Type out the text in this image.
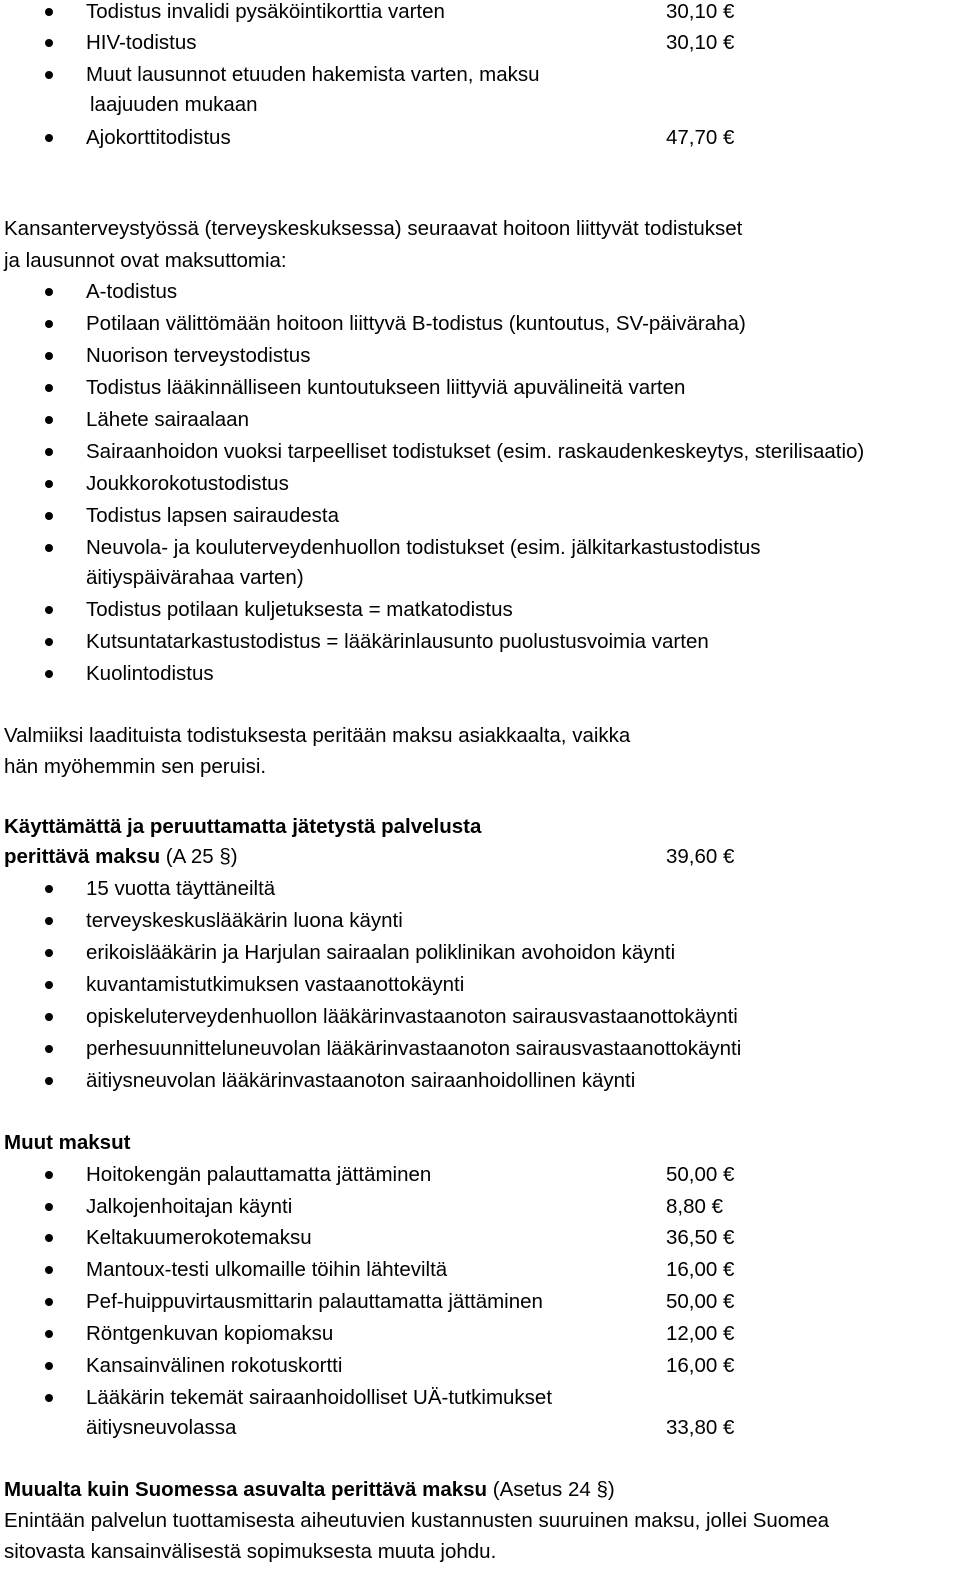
Todistus invalidi pysäköintikorttia varten	30,10 €
HIV-todistus	30,10 €
Muut lausunnot etuuden hakemista varten, maksu
laajuuden mukaan
Ajokorttitodistus	47,70 €
Kansanterveystyössä (terveyskeskuksessa) seuraavat hoitoon liittyvät todistukset
ja lausunnot ovat maksuttomia:
A-todistus
Potilaan välittömään hoitoon liittyvä B-todistus (kuntoutus, SV-päiväraha)
Nuorison terveystodistus
Todistus lääkinnälliseen kuntoutukseen liittyviä apuvälineitä varten
Lähete sairaalaan
Sairaanhoidon vuoksi tarpeelliset todistukset (esim. raskaudenkeskeytys, sterilisaatio)
Joukkorokotustodistus
Todistus lapsen sairaudesta
Neuvola- ja kouluterveydenhuollon todistukset (esim. jälkitarkastustodistus
äitiyspäivärahaa varten)
Todistus potilaan kuljetuksesta = matkatodistus
Kutsuntatarkastustodistus = lääkärinlausunto puolustusvoimia varten
Kuolintodistus
Valmiiksi laadituista todistuksesta peritään maksu asiakkaalta, vaikka
hän myöhemmin sen peruisi.
Käyttämättä ja peruuttamatta jätetystä palvelusta
perittävä maksu (A 25 §)	39,60 €
15 vuotta täyttäneiltä
terveyskeskuslääkärin luona käynti
erikoislääkärin ja Harjulan sairaalan poliklinikan avohoidon käynti
kuvantamistutkimuksen vastaanottokäynti
opiskeluterveydenhuollon lääkärinvastaanoton sairausvastaanottokäynti
perhesuunnitteluneuvolan lääkärinvastaanoton sairausvastaanottokäynti
äitiysneuvolan lääkärinvastaanoton sairaanhoidollinen käynti
Muut maksut
Hoitokengän palauttamatta jättäminen	50,00 €
Jalkojenhoitajan käynti	8,80 €
Keltakuumerokotemaksu	36,50 €
Mantoux-testi ulkomaille töihin lähteviltä	16,00 €
Pef-huippuvirtausmittarin palauttamatta jättäminen	50,00 €
Röntgenkuvan kopiomaksu	12,00 €
Kansainvälinen rokotuskortti	16,00 €
Lääkärin tekemät sairaanhoidolliset UÄ-tutkimukset
äitiysneuvolassa	33,80 €
Muualta kuin Suomessa asuvalta perittävä maksu (Asetus 24 §)
Enintään palvelun tuottamisesta aiheutuvien kustannusten suuruinen maksu, jollei Suomea
sitovasta kansainvälisestä sopimuksesta muuta johdu.
